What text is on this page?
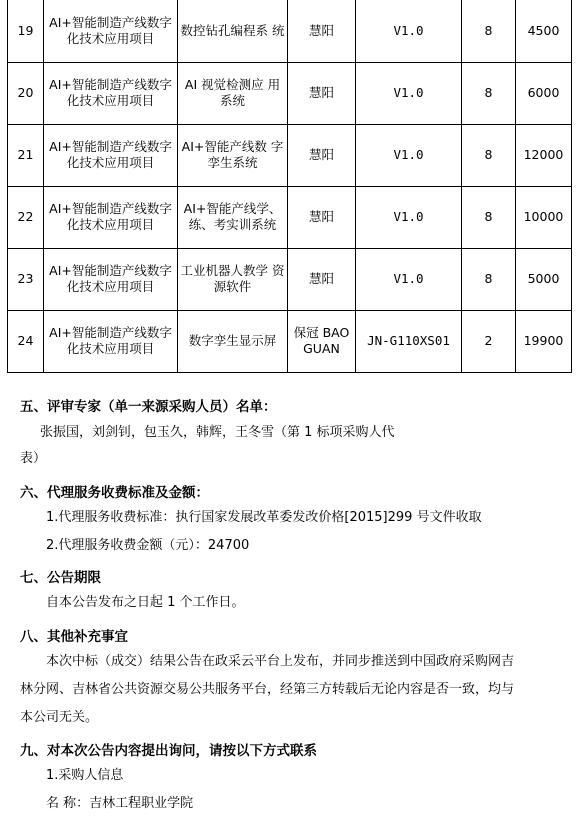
19	AI+智能制造产线数字化技术应用项目	数控钻孔编程系 统	慧阳	V1.0	8	4500
20	AI+智能制造产线数字化技术应用项目	AI 视觉检测应 用系统	慧阳	V1.0	8	6000
21	AI+智能制造产线数字化技术应用项目	AI+智能产线数 字孪生系统	慧阳	V1.0	8	12000
22	AI+智能制造产线数字化技术应用项目	AI+智能产线学、 练、考实训系统	慧阳	V1.0	8	10000
23	AI+智能制造产线数字化技术应用项目	工业机器人教学 资源软件	慧阳	V1.0	8	5000
24	AI+智能制造产线数字化技术应用项目	数字孪生显示屏	保冠 BAO GUAN	JN-G110XS01	2	19900
五、评审专家（单一来源采购人员）名单：
张振国，刘剑钊，包玉久，韩辉，王冬雪（第 1 标项采购人代
表）
六、代理服务收费标准及金额：
1.代理服务收费标准：执行国家发展改革委发改价格[2015]299 号文件收取
2.代理服务收费金额（元）：24700
七、公告期限
自本公告发布之日起 1 个工作日。
八、其他补充事宜
本次中标（成交）结果公告在政采云平台上发布，并同步推送到中国政府采购网吉
林分网、吉林省公共资源交易公共服务平台，经第三方转载后无论内容是否一致，均与
本公司无关。
九、对本次公告内容提出询问，请按以下方式联系
1.采购人信息
名 称：吉林工程职业学院
